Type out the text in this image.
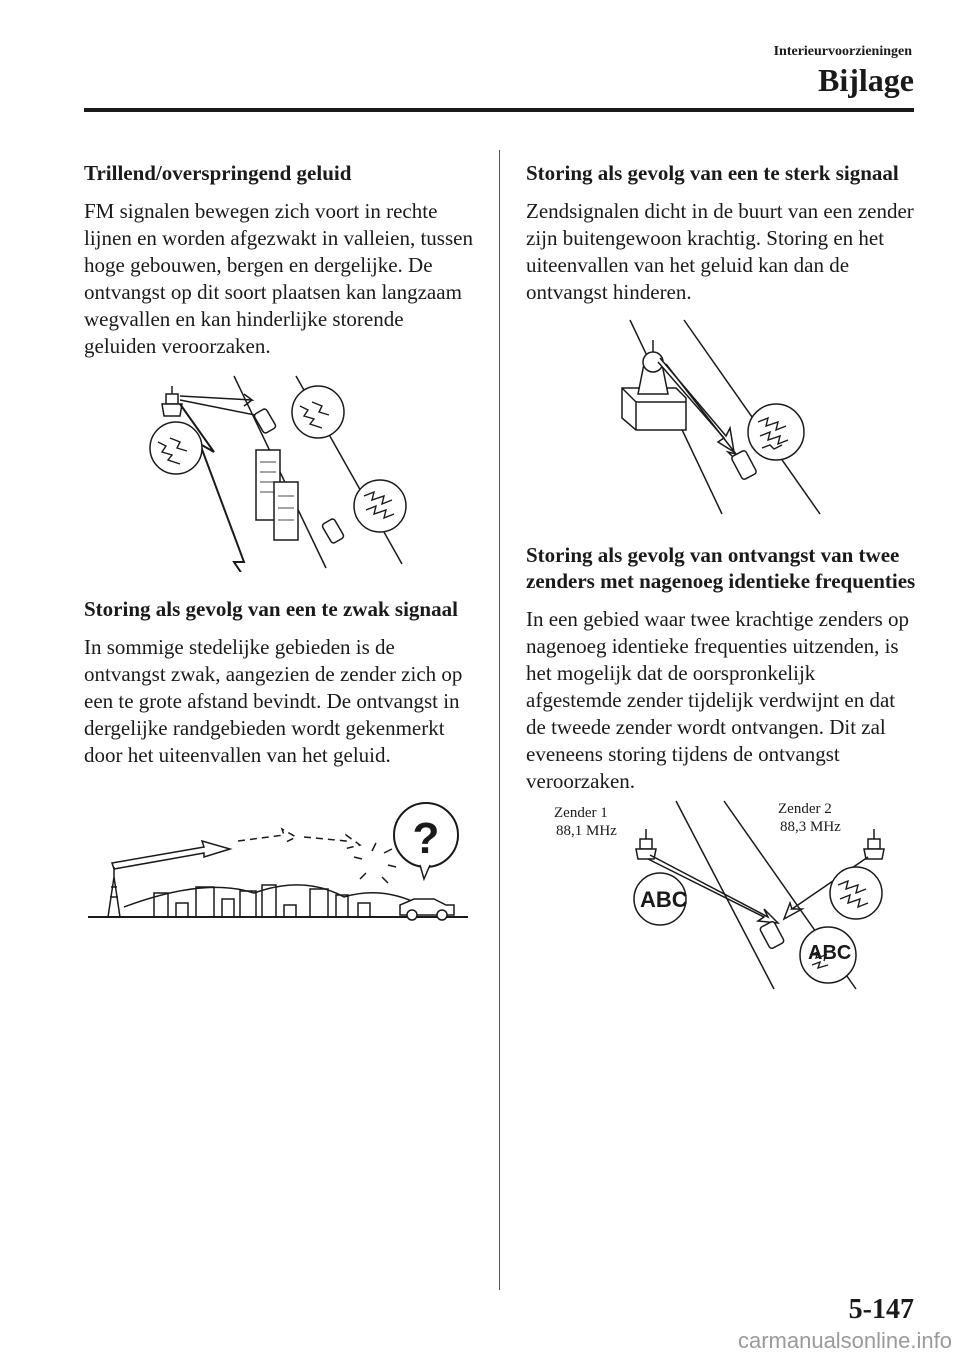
Interieurvoorzieningen
Bijlage
Trillend/overspringend geluid

FM signalen bewegen zich voort in rechte lijnen en worden afgezwakt in valleien, tussen hoge gebouwen, bergen en dergelijke. De ontvangst op dit soort plaatsen kan langzaam wegvallen en kan hinderlijke storende geluiden veroorzaken.

Storing als gevolg van een te zwak signaal

In sommige stedelijke gebieden is de ontvangst zwak, aangezien de zender zich op een te grote afstand bevindt. De ontvangst in dergelijke randgebieden wordt gekenmerkt door het uiteenvallen van het geluid.

?
Storing als gevolg van een te sterk signaal

Zendsignalen dicht in de buurt van een zender zijn buitengewoon krachtig. Storing en het uiteenvallen van het geluid kan dan de ontvangst hinderen.

Storing als gevolg van ontvangst van twee zenders met nagenoeg identieke frequenties

In een gebied waar twee krachtige zenders op nagenoeg identieke frequenties uitzenden, is het mogelijk dat de oorspronkelijk afgestemde zender tijdelijk verdwijnt en dat de tweede zender wordt ontvangen. Dit zal eveneens storing tijdens de ontvangst veroorzaken.

Zender 1
88,1 MHz
Zender 2
88,3 MHz
ABC
ABC
5-147
carmanualsonline.info
